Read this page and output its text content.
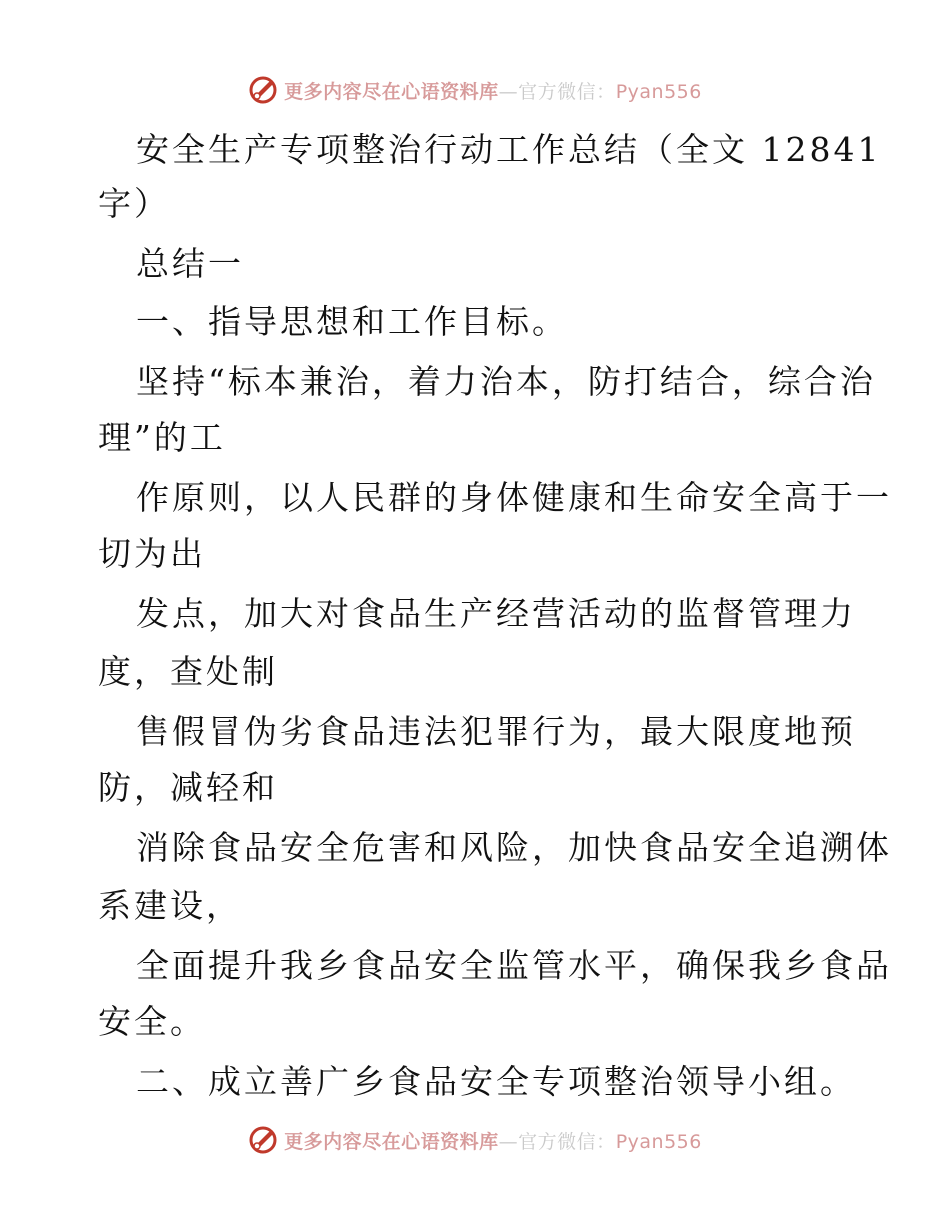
更多内容尽在心语资料库—官方微信：Pyan556
安全生产专项整治行动工作总结（全文 12841
字）
总结一
一、指导思想和工作目标。
坚持“标本兼治，着力治本，防打结合，综合治
理”的工
作原则，以人民群的身体健康和生命安全高于一
切为出
发点，加大对食品生产经营活动的监督管理力
度，查处制
售假冒伪劣食品违法犯罪行为，最大限度地预
防，减轻和
消除食品安全危害和风险，加快食品安全追溯体
系建设，
全面提升我乡食品安全监管水平，确保我乡食品
安全。
二、成立善广乡食品安全专项整治领导小组。
更多内容尽在心语资料库—官方微信：Pyan556
